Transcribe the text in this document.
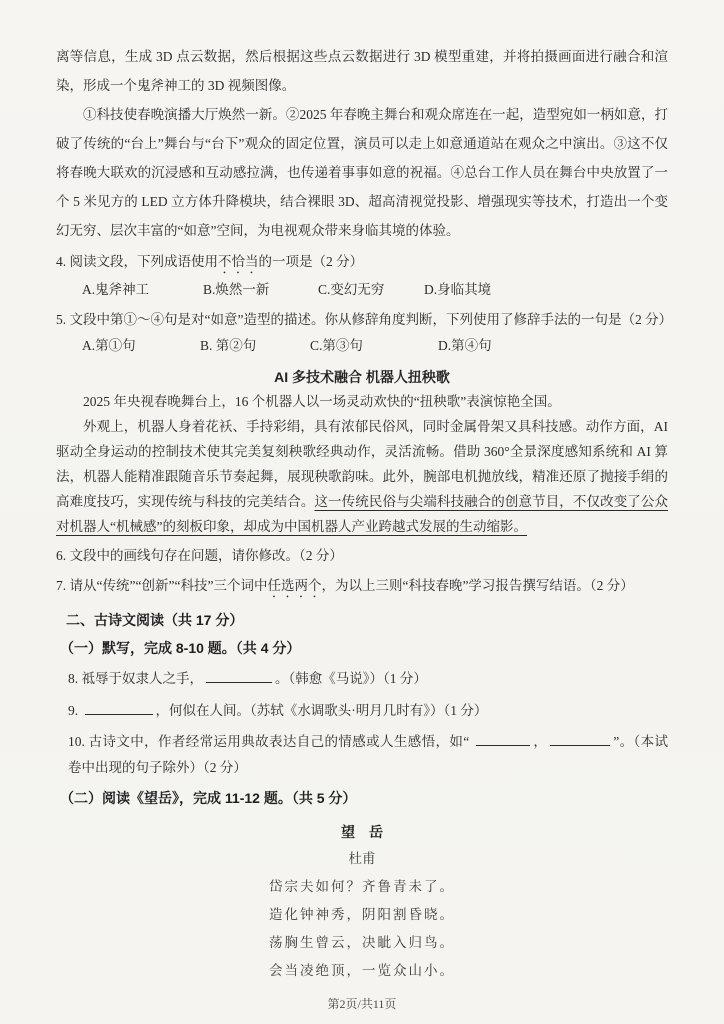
离等信息，生成 3D 点云数据，然后根据这些点云数据进行 3D 模型重建，并将拍摄画面进行融合和渲染，形成一个鬼斧神工的 3D 视频图像。

①科技使春晚演播大厅焕然一新。②2025 年春晚主舞台和观众席连在一起，造型宛如一柄如意，打破了传统的“台上”舞台与“台下”观众的固定位置，演员可以走上如意通道站在观众之中演出。③这不仅将春晚大联欢的沉浸感和互动感拉满，也传递着事事如意的祝福。④总台工作人员在舞台中央放置了一个 5 米见方的 LED 立方体升降模块，结合裸眼 3D、超高清视觉投影、增强现实等技术，打造出一个变幻无穷、层次丰富的“如意”空间，为电视观众带来身临其境的体验。

4. 阅读文段，下列成语使用不恰当的一项是（2 分）
A.鬼斧神工	B.焕然一新	C.变幻无穷	D.身临其境
5. 文段中第①～④句是对“如意”造型的描述。你从修辞角度判断，下列使用了修辞手法的一句是（2 分）
A.第①句	B. 第②句	C.第③句	D.第④句
AI 多技术融合 机器人扭秧歌

2025 年央视春晚舞台上，16 个机器人以一场灵动欢快的“扭秧歌”表演惊艳全国。

外观上，机器人身着花袄、手持彩绢，具有浓郁民俗风，同时金属骨架又具科技感。动作方面，AI 驱动全身运动的控制技术使其完美复刻秧歌经典动作，灵活流畅。借助 360°全景深度感知系统和 AI 算法，机器人能精准跟随音乐节奏起舞，展现秧歌韵味。此外，腕部电机抛放线，精准还原了抛接手绢的高难度技巧，实现传统与科技的完美结合。这一传统民俗与尖端科技融合的创意节目，不仅改变了公众对机器人“机械感”的刻板印象，却成为中国机器人产业跨越式发展的生动缩影。

6. 文段中的画线句存在问题，请你修改。（2 分）
7. 请从“传统”“创新”“科技”三个词中任选两个，为以上三则“科技春晚”学习报告撰写结语。（2 分）
二、古诗文阅读（共 17 分）
（一）默写，完成 8-10 题。（共 4 分）
8. 祗辱于奴隶人之手，	。（韩愈《马说》）（1 分）
9.	，何似在人间。（苏轼《水调歌头·明月几时有》）（1 分）
10. 古诗文中，作者经常运用典故表达自己的情感或人生感悟，如“	，	”。（本试卷中出现的句子除外）（2 分）
（二）阅读《望岳》，完成 11-12 题。（共 5 分）
望　岳
杜甫
岱宗夫如何？齐鲁青未了。
造化钟神秀，阴阳割昏晓。
荡胸生曾云，决眦入归鸟。
会当凌绝顶，一览众山小。
第2页/共11页
